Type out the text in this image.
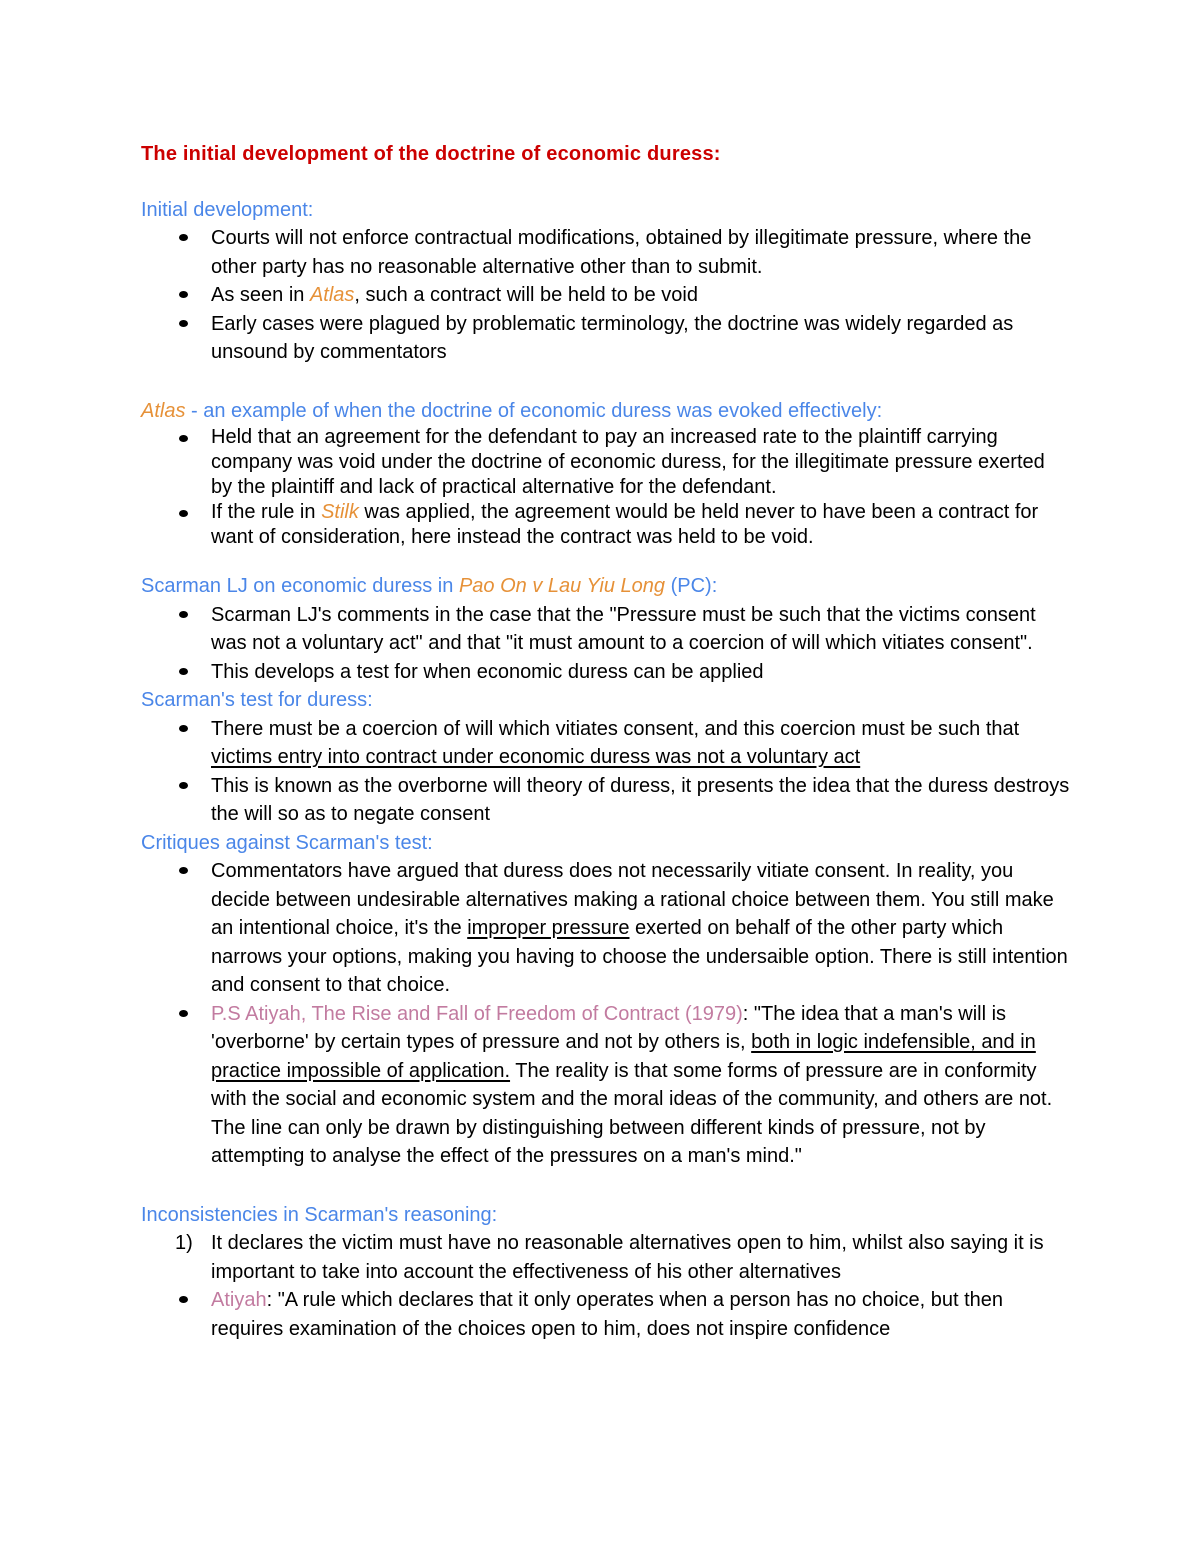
The initial development of the doctrine of economic duress:
Initial development:
Courts will not enforce contractual modifications, obtained by illegitimate pressure, where the other party has no reasonable alternative other than to submit.
As seen in Atlas, such a contract will be held to be void
Early cases were plagued by problematic terminology, the doctrine was widely regarded as unsound by commentators
Atlas - an example of when the doctrine of economic duress was evoked effectively:
Held that an agreement for the defendant to pay an increased rate to the plaintiff carrying company was void under the doctrine of economic duress, for the illegitimate pressure exerted by the plaintiff and lack of practical alternative for the defendant.
If the rule in Stilk was applied, the agreement would be held never to have been a contract for want of consideration, here instead the contract was held to be void.
Scarman LJ on economic duress in Pao On v Lau Yiu Long (PC):
Scarman LJ's comments in the case that the "Pressure must be such that the victims consent was not a voluntary act" and that "it must amount to a coercion of will which vitiates consent".
This develops a test for when economic duress can be applied
Scarman's test for duress:
There must be a coercion of will which vitiates consent, and this coercion must be such that victims entry into contract under economic duress was not a voluntary act
This is known as the overborne will theory of duress, it presents the idea that the duress destroys the will so as to negate consent
Critiques against Scarman's test:
Commentators have argued that duress does not necessarily vitiate consent. In reality, you decide between undesirable alternatives making a rational choice between them. You still make an intentional choice, it's the improper pressure exerted on behalf of the other party which narrows your options, making you having to choose the undersaible option. There is still intention and consent to that choice.
P.S Atiyah, The Rise and Fall of Freedom of Contract (1979): "The idea that a man's will is 'overborne' by certain types of pressure and not by others is, both in logic indefensible, and in practice impossible of application. The reality is that some forms of pressure are in conformity with the social and economic system and the moral ideas of the community, and others are not. The line can only be drawn by distinguishing between different kinds of pressure, not by attempting to analyse the effect of the pressures on a man's mind."
Inconsistencies in Scarman's reasoning:
1) It declares the victim must have no reasonable alternatives open to him, whilst also saying it is important to take into account the effectiveness of his other alternatives
Atiyah: "A rule which declares that it only operates when a person has no choice, but then requires examination of the choices open to him, does not inspire confidence
